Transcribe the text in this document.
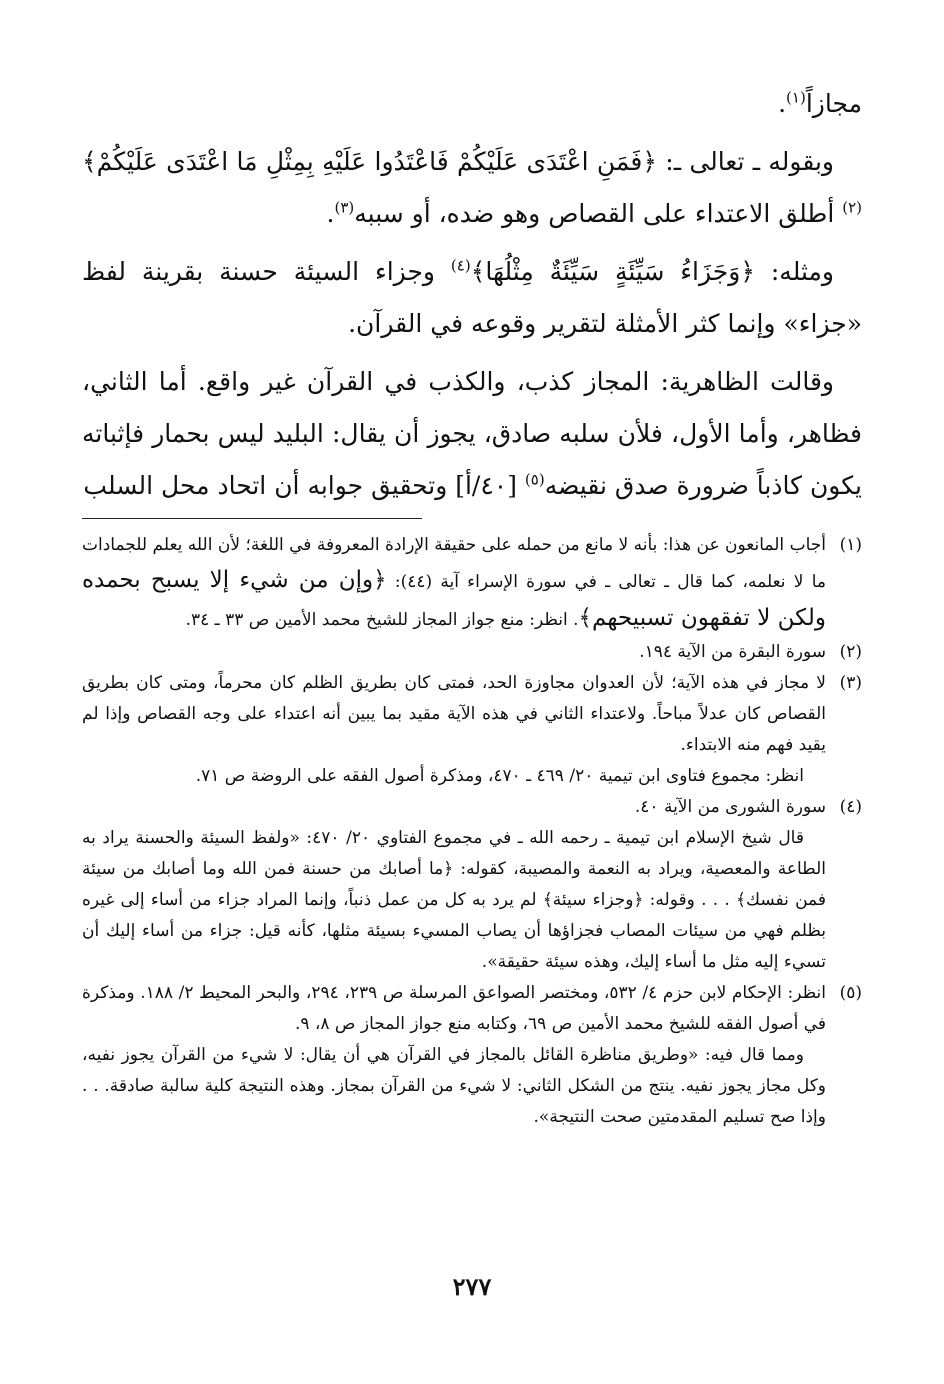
مجازاً$^{(١)}$.

وبقوله ـ تعالى ـ: ﴿فَمَنِ اعْتَدَى عَلَيْكُمْ فَاعْتَدُوا عَلَيْهِ بِمِثْلِ مَا اعْتَدَى عَلَيْكُمْ﴾$^{(٢)}$ أطلق الاعتداء على القصاص وهو ضده، أو سببه$^{(٣)}$.

ومثله: ﴿وَجَزَاءُ سَيِّئَةٍ سَيِّئَةٌ مِثْلُهَا﴾$^{(٤)}$ وجزاء السيئة حسنة بقرينة لفظ «جزاء» وإنما كثر الأمثلة لتقرير وقوعه في القرآن.

وقالت الظاهرية: المجاز كذب، والكذب في القرآن غير واقع. أما الثاني، فظاهر، وأما الأول، فلأن سلبه صادق، يجوز أن يقال: البليد ليس بحمار فإثباته يكون كاذباً ضرورة صدق نقيضه$^{(٥)}$ [٤٠/أ] وتحقيق جوابه أن اتحاد محل السلب

(١)
أجاب المانعون عن هذا: بأنه لا مانع من حمله على حقيقة الإرادة المعروفة في اللغة؛ لأن الله يعلم للجمادات ما لا نعلمه، كما قال ـ تعالى ـ في سورة الإسراء آية (٤٤): ﴿وإن من شيء إلا يسبح بحمده ولكن لا تفقهون تسبيحهم﴾. انظر: منع جواز المجاز للشيخ محمد الأمين ص ٣٣ ـ ٣٤.

(٢)
سورة البقرة من الآية ١٩٤.

(٣)
لا مجاز في هذه الآية؛ لأن العدوان مجاوزة الحد، فمتى كان بطريق الظلم كان محرماً، ومتى كان بطريق القصاص كان عدلاً مباحاً. ولاعتداء الثاني في هذه الآية مقيد بما يبين أنه اعتداء على وجه القصاص وإذا لم يقيد فهم منه الابتداء.

انظر: مجموع فتاوى ابن تيمية ٢٠/ ٤٦٩ ـ ٤٧٠، ومذكرة أصول الفقه على الروضة ص ٧١.

(٤)
سورة الشورى من الآية ٤٠.

قال شيخ الإسلام ابن تيمية ـ رحمه الله ـ في مجموع الفتاوي ٢٠/ ٤٧٠: «ولفظ السيئة والحسنة يراد به الطاعة والمعصية، ويراد به النعمة والمصيبة، كقوله: ﴿ما أصابك من حسنة فمن الله وما أصابك من سيئة فمن نفسك﴾ . . . وقوله: ﴿وجزاء سيئة﴾ لم يرد به كل من عمل ذنباً، وإنما المراد جزاء من أساء إلى غيره بظلم فهي من سيئات المصاب فجزاؤها أن يصاب المسيء بسيئة مثلها، كأنه قيل: جزاء من أساء إليك أن تسيء إليه مثل ما أساء إليك، وهذه سيئة حقيقة».

(٥)
انظر: الإحكام لابن حزم ٤/ ٥٣٢، ومختصر الصواعق المرسلة ص ٢٣٩، ٢٩٤، والبحر المحيط ٢/ ١٨٨. ومذكرة في أصول الفقه للشيخ محمد الأمين ص ٦٩، وكتابه منع جواز المجاز ص ٨، ٩.

ومما قال فيه: «وطريق مناظرة القائل بالمجاز في القرآن هي أن يقال: لا شيء من القرآن يجوز نفيه، وكل مجاز يجوز نفيه. ينتج من الشكل الثاني: لا شيء من القرآن بمجاز. وهذه النتيجة كلية سالبة صادقة. . . وإذا صح تسليم المقدمتين صحت النتيجة».

٢٧٧
